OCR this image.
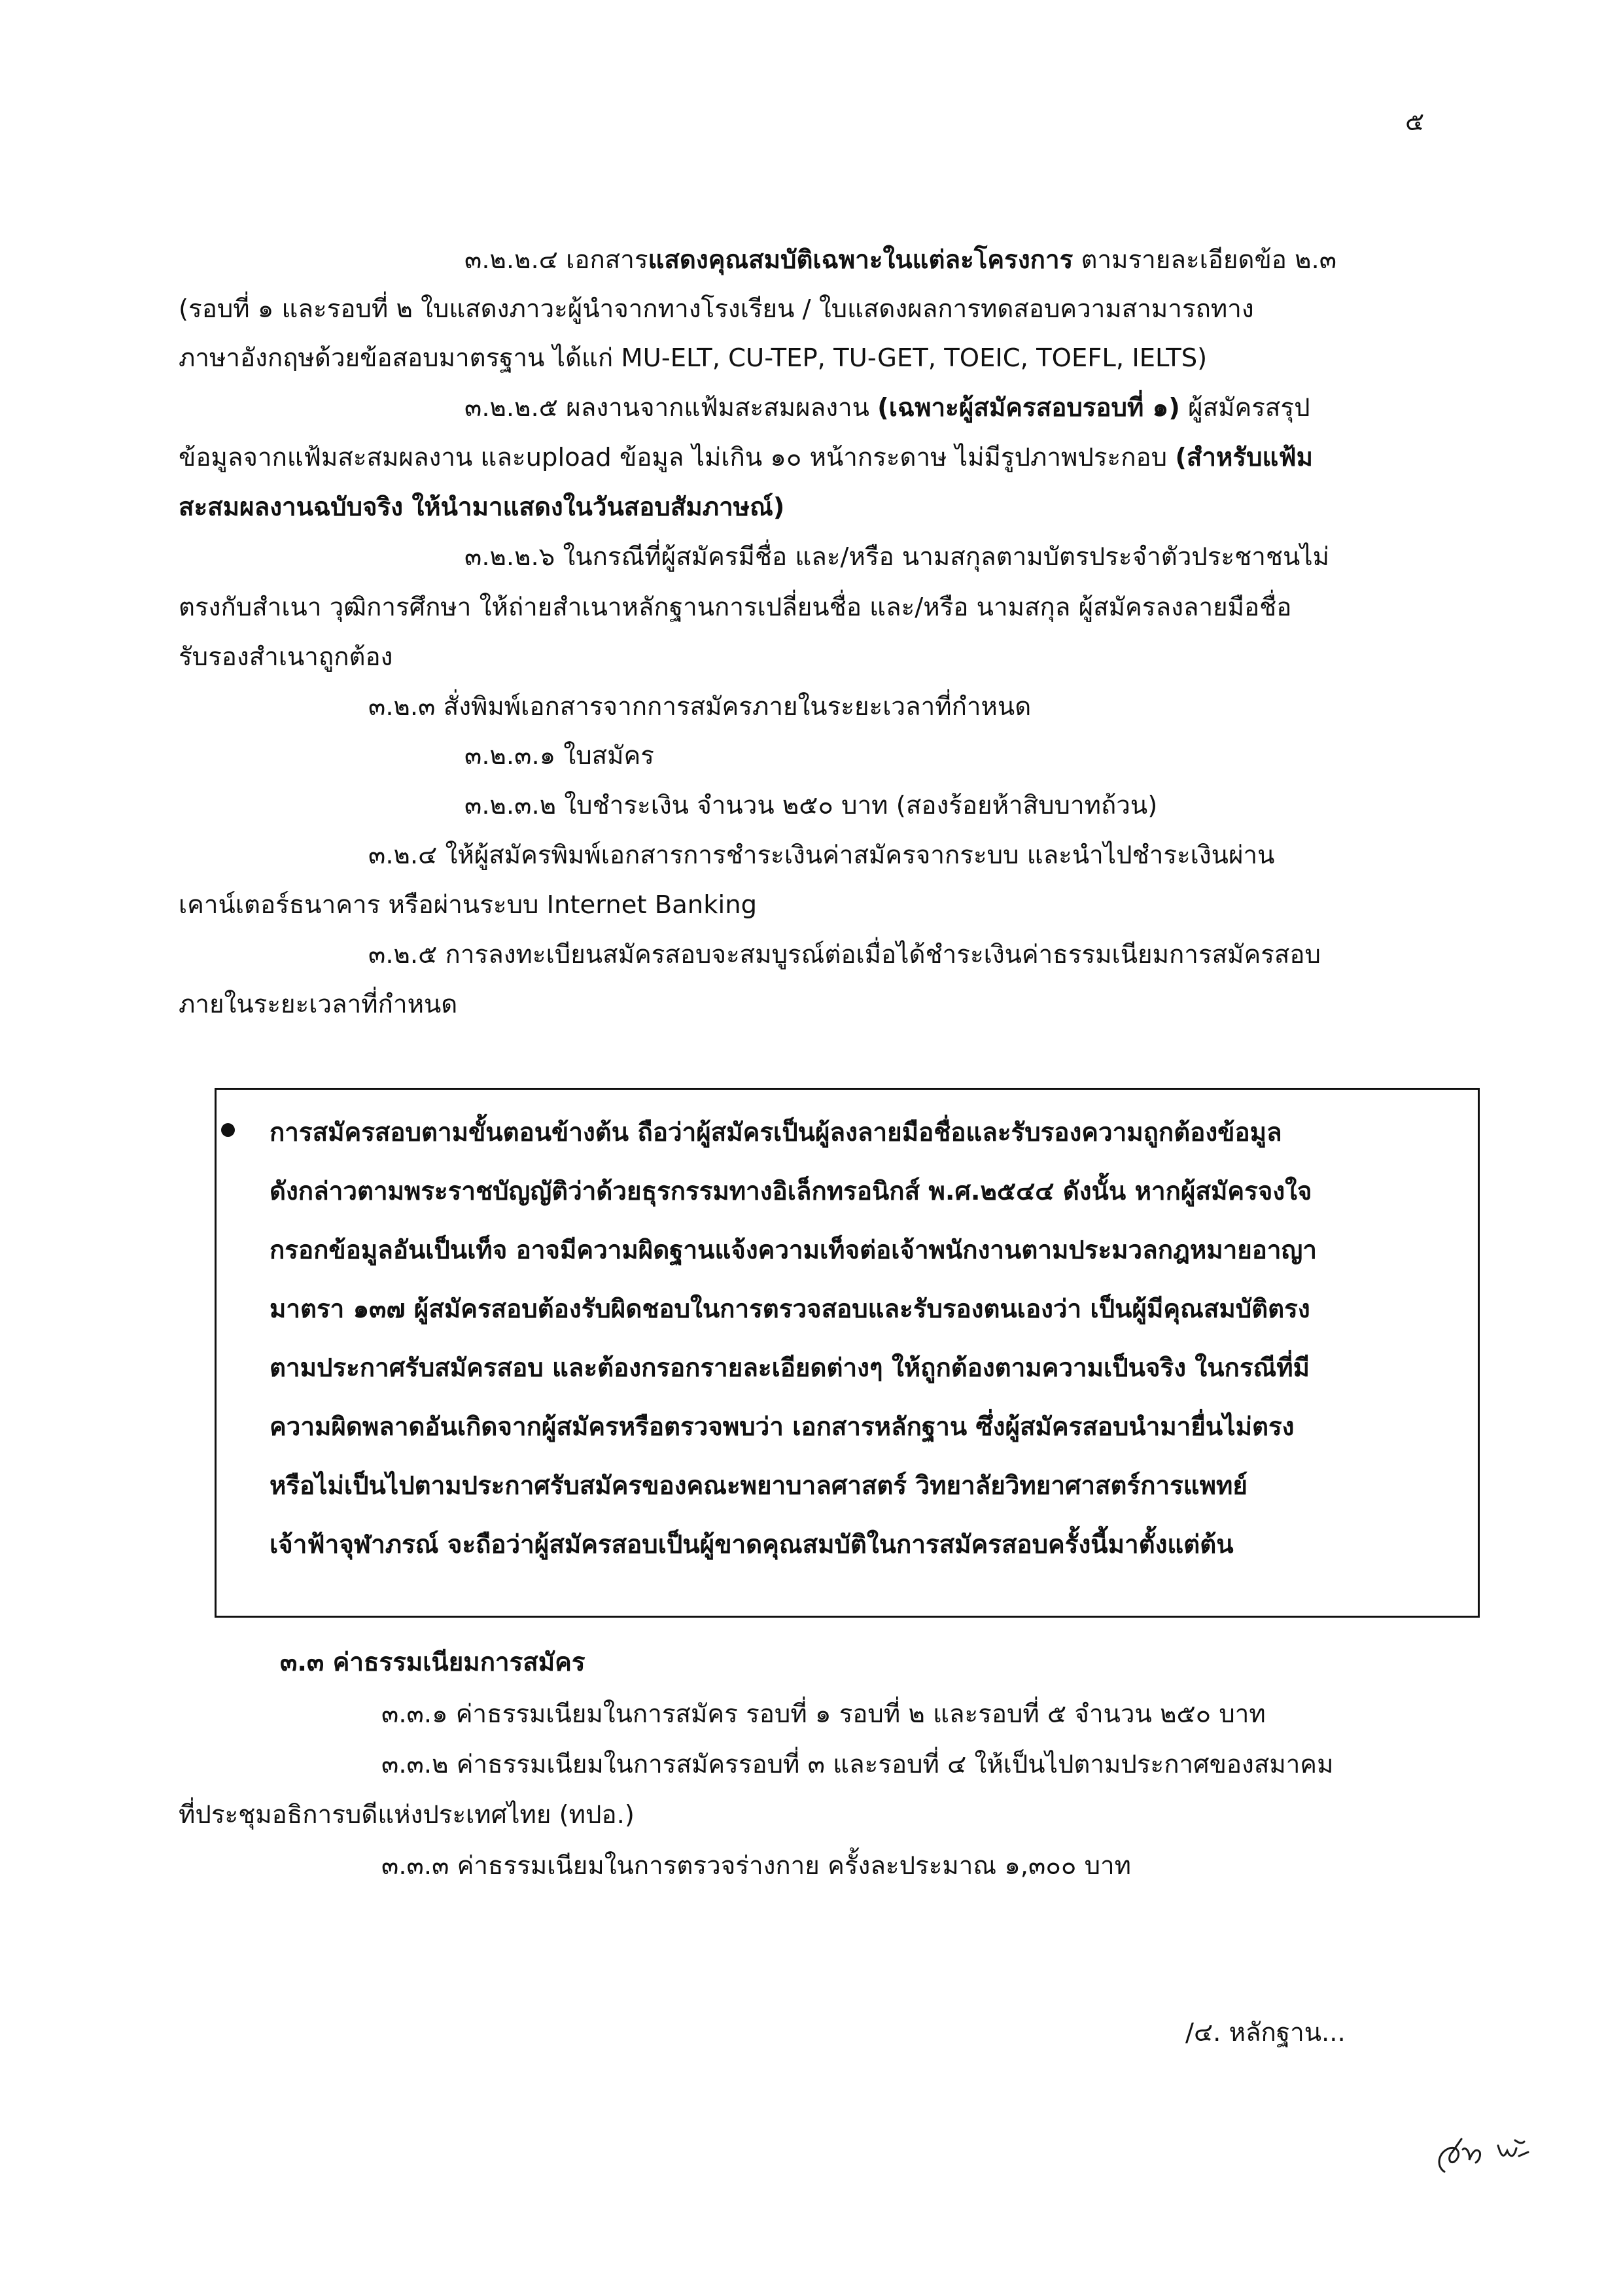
๕
๓.๒.๒.๔ เอกสารแสดงคุณสมบัติเฉพาะในแต่ละโครงการ ตามรายละเอียดข้อ ๒.๓
(รอบที่ ๑ และรอบที่ ๒ ใบแสดงภาวะผู้นำจากทางโรงเรียน / ใบแสดงผลการทดสอบความสามารถทาง
ภาษาอังกฤษด้วยข้อสอบมาตรฐาน ได้แก่ MU-ELT, CU-TEP, TU-GET, TOEIC, TOEFL, IELTS)
๓.๒.๒.๕ ผลงานจากแฟ้มสะสมผลงาน (เฉพาะผู้สมัครสอบรอบที่ ๑) ผู้สมัครสรุป
ข้อมูลจากแฟ้มสะสมผลงาน และupload ข้อมูล ไม่เกิน ๑๐ หน้ากระดาษ ไม่มีรูปภาพประกอบ (สำหรับแฟ้ม
สะสมผลงานฉบับจริง ให้นำมาแสดงในวันสอบสัมภาษณ์)
๓.๒.๒.๖ ในกรณีที่ผู้สมัครมีชื่อ และ/หรือ นามสกุลตามบัตรประจำตัวประชาชนไม่
ตรงกับสำเนา วุฒิการศึกษา ให้ถ่ายสำเนาหลักฐานการเปลี่ยนชื่อ และ/หรือ นามสกุล ผู้สมัครลงลายมือชื่อ
รับรองสำเนาถูกต้อง
๓.๒.๓ สั่งพิมพ์เอกสารจากการสมัครภายในระยะเวลาที่กำหนด
๓.๒.๓.๑ ใบสมัคร
๓.๒.๓.๒ ใบชำระเงิน จำนวน ๒๕๐ บาท (สองร้อยห้าสิบบาทถ้วน)
๓.๒.๔ ให้ผู้สมัครพิมพ์เอกสารการชำระเงินค่าสมัครจากระบบ และนำไปชำระเงินผ่าน
เคาน์เตอร์ธนาคาร หรือผ่านระบบ Internet Banking
๓.๒.๕ การลงทะเบียนสมัครสอบจะสมบูรณ์ต่อเมื่อได้ชำระเงินค่าธรรมเนียมการสมัครสอบ
ภายในระยะเวลาที่กำหนด
การสมัครสอบตามขั้นตอนข้างต้น ถือว่าผู้สมัครเป็นผู้ลงลายมือชื่อและรับรองความถูกต้องข้อมูล
ดังกล่าวตามพระราชบัญญัติว่าด้วยธุรกรรมทางอิเล็กทรอนิกส์ พ.ศ.๒๕๔๔ ดังนั้น หากผู้สมัครจงใจ
กรอกข้อมูลอันเป็นเท็จ อาจมีความผิดฐานแจ้งความเท็จต่อเจ้าพนักงานตามประมวลกฎหมายอาญา
มาตรา ๑๓๗ ผู้สมัครสอบต้องรับผิดชอบในการตรวจสอบและรับรองตนเองว่า เป็นผู้มีคุณสมบัติตรง
ตามประกาศรับสมัครสอบ และต้องกรอกรายละเอียดต่างๆ ให้ถูกต้องตามความเป็นจริง ในกรณีที่มี
ความผิดพลาดอันเกิดจากผู้สมัครหรือตรวจพบว่า เอกสารหลักฐาน ซึ่งผู้สมัครสอบนำมายื่นไม่ตรง
หรือไม่เป็นไปตามประกาศรับสมัครของคณะพยาบาลศาสตร์ วิทยาลัยวิทยาศาสตร์การแพทย์
เจ้าฟ้าจุฬาภรณ์ จะถือว่าผู้สมัครสอบเป็นผู้ขาดคุณสมบัติในการสมัครสอบครั้งนี้มาตั้งแต่ต้น
๓.๓ ค่าธรรมเนียมการสมัคร
๓.๓.๑ ค่าธรรมเนียมในการสมัคร รอบที่ ๑ รอบที่ ๒ และรอบที่ ๕ จำนวน ๒๕๐ บาท
๓.๓.๒ ค่าธรรมเนียมในการสมัครรอบที่ ๓ และรอบที่ ๔ ให้เป็นไปตามประกาศของสมาคม
ที่ประชุมอธิการบดีแห่งประเทศไทย (ทปอ.)
๓.๓.๓ ค่าธรรมเนียมในการตรวจร่างกาย ครั้งละประมาณ ๑,๓๐๐ บาท
/๔. หลักฐาน...
